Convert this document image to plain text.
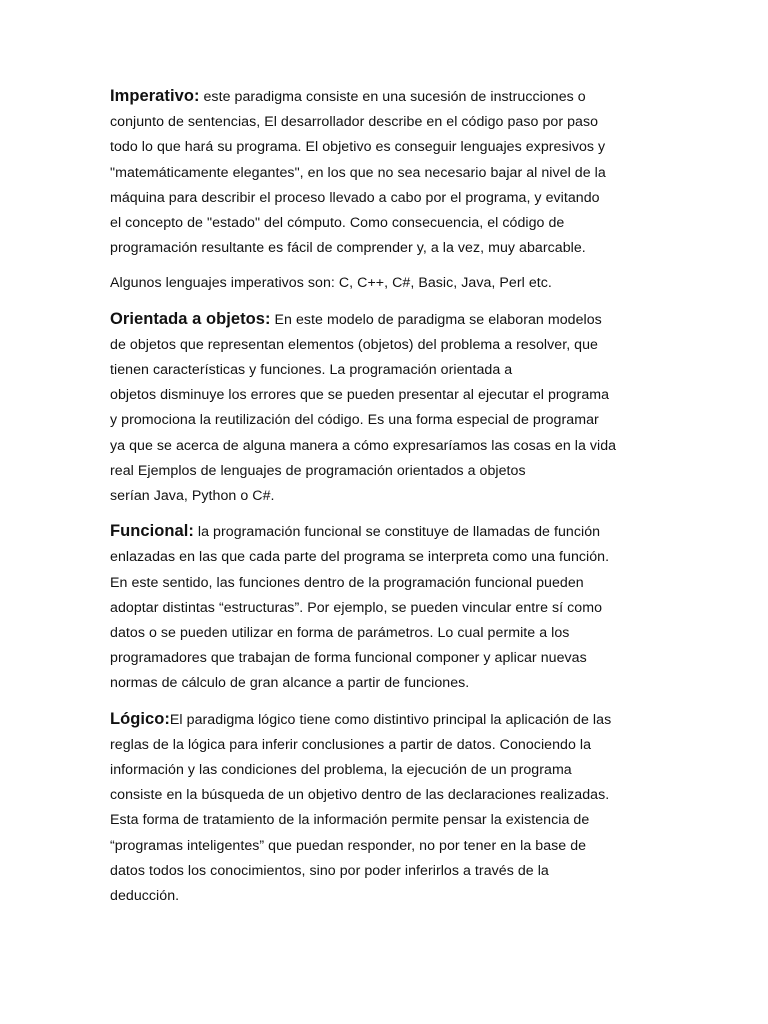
Imperativo: este paradigma consiste en una sucesión de instrucciones o
conjunto de sentencias, El desarrollador describe en el código paso por paso
todo lo que hará su programa. El objetivo es conseguir lenguajes expresivos y
"matemáticamente elegantes", en los que no sea necesario bajar al nivel de la
máquina para describir el proceso llevado a cabo por el programa, y evitando
el concepto de "estado" del cómputo. Como consecuencia, el código de
programación resultante es fácil de comprender y, a la vez, muy abarcable.

Algunos lenguajes imperativos son: C, C++, C#, Basic, Java, Perl etc.

Orientada a objetos: En este modelo de paradigma se elaboran modelos
de objetos que representan elementos (objetos) del problema a resolver, que
tienen características y funciones. La programación orientada a
objetos disminuye los errores que se pueden presentar al ejecutar el programa
y promociona la reutilización del código. Es una forma especial de programar
ya que se acerca de alguna manera a cómo expresaríamos las cosas en la vida
real Ejemplos de lenguajes de programación orientados a objetos
serían Java, Python o C#.

Funcional: la programación funcional se constituye de llamadas de función
enlazadas en las que cada parte del programa se interpreta como una función.
En este sentido, las funciones dentro de la programación funcional pueden
adoptar distintas “estructuras”. Por ejemplo, se pueden vincular entre sí como
datos o se pueden utilizar en forma de parámetros. Lo cual permite a los
programadores que trabajan de forma funcional componer y aplicar nuevas
normas de cálculo de gran alcance a partir de funciones.

Lógico:El paradigma lógico tiene como distintivo principal la aplicación de las
reglas de la lógica para inferir conclusiones a partir de datos. Conociendo la
información y las condiciones del problema, la ejecución de un programa
consiste en la búsqueda de un objetivo dentro de las declaraciones realizadas.
Esta forma de tratamiento de la información permite pensar la existencia de
“programas inteligentes” que puedan responder, no por tener en la base de
datos todos los conocimientos, sino por poder inferirlos a través de la
deducción.
